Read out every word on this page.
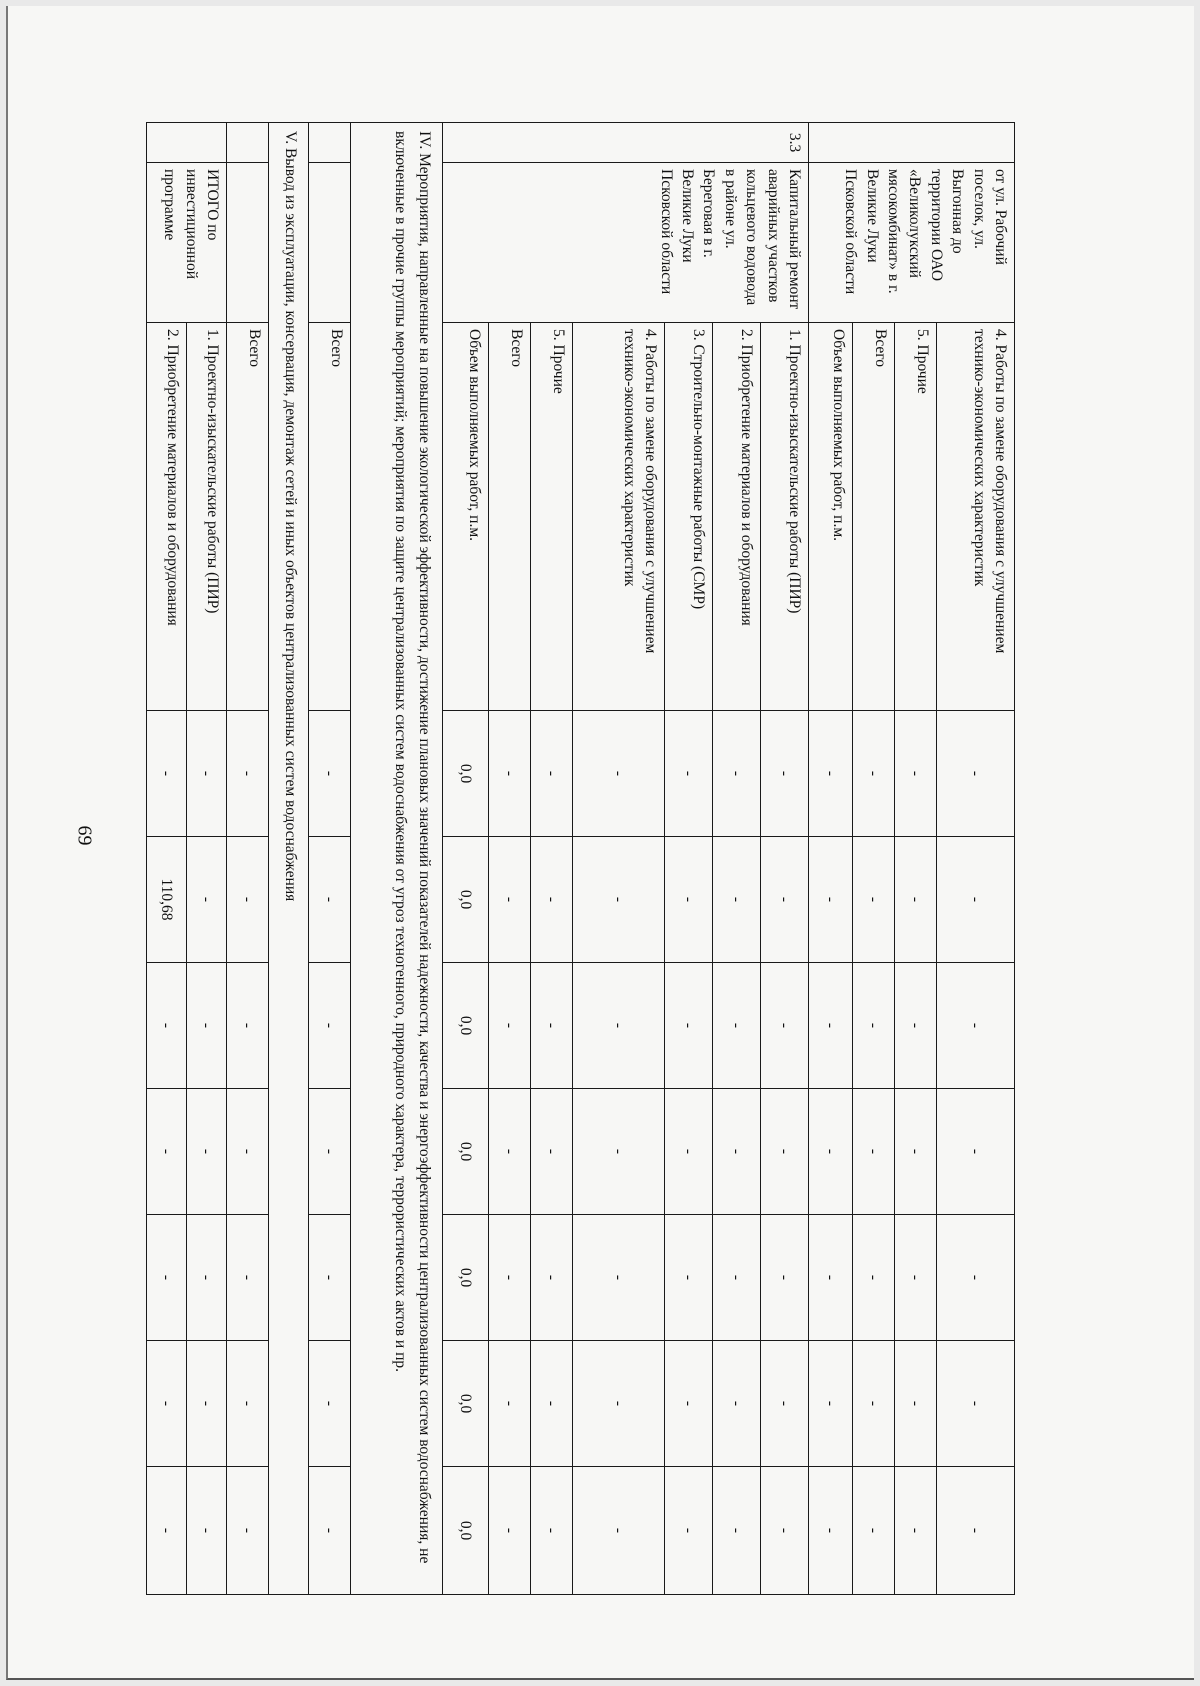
69
	от ул. Рабочий поселок, ул. Выгонная до территории ОАО «Великолукский мясокомбинат» в г. Великие Луки Псковской области	4. Работы по замене оборудования с улучшением технико-экономических характеристик	-	-	-	-	-	-	-
		5. Прочие	-	-	-	-	-	-	-
		Всего	-	-	-	-	-	-	-
		Объем выполняемых работ, п.м.	-	-	-	-	-	-	-
3.3	Капитальный ремонт аварийных участков кольцевого водовода в районе ул. Береговая в г. Великие Луки Псковской области	1. Проектно-изыскательские работы (ПИР)	-	-	-	-	-	-	-
		2. Приобретение материалов и оборудования	-	-	-	-	-	-	-
		3. Строительно-монтажные работы (СМР)	-	-	-	-	-	-	-
		4. Работы по замене оборудования с улучшением технико-экономических характеристик	-	-	-	-	-	-	-
		5. Прочие	-	-	-	-	-	-	-
		Всего	-	-	-	-	-	-	-
		Объем выполняемых работ, п.м.	0,0	0,0	0,0	0,0	0,0	0,0	0,0
IV. Мероприятия, направленные на повышение экологической эффективности, достижение плановых значений показателей надежности, качества и энергоэффективности централизованных систем водоснабжения, не включенные в прочие группы мероприятий; мероприятия по защите централизованных систем водоснабжения от угроз техногенного, природного характера, террористических актов и пр.									
		Всего	-	-	-	-	-	-	-
V. Вывод из эксплуатации, консервация, демонтаж сетей и иных объектов централизованных систем водоснабжения									
		Всего	-	-	-	-	-	-	-
	ИТОГО по инвестиционной программе	1. Проектно-изыскательские работы (ПИР)	-	-	-	-	-	-	-
		2. Приобретение материалов и оборудования	-	110,68	-	-	-	-	-
